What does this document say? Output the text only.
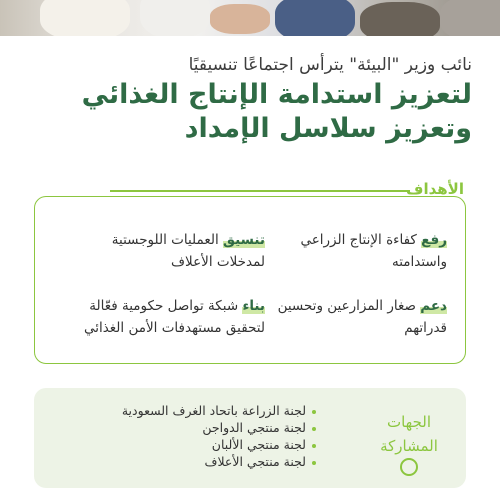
نائب وزير "البيئة" يترأس اجتماعًا تنسيقيًا
لتعزيز استدامة الإنتاج الغذائي
وتعزيز سلاسل الإمداد
الأهداف
رفع كفاءة الإنتاج الزراعي واستدامته
تنسيق العمليات اللوجستية لمدخلات الأعلاف
دعم صغار المزارعين وتحسين قدراتهم
بناء شبكة تواصل حكومية فعّالة لتحقيق مستهدفات الأمن الغذائي
الجهات المشاركة
لجنة الزراعة باتحاد الغرف السعودية
لجنة منتجي الدواجن
لجنة منتجي الألبان
لجنة منتجي الأعلاف
